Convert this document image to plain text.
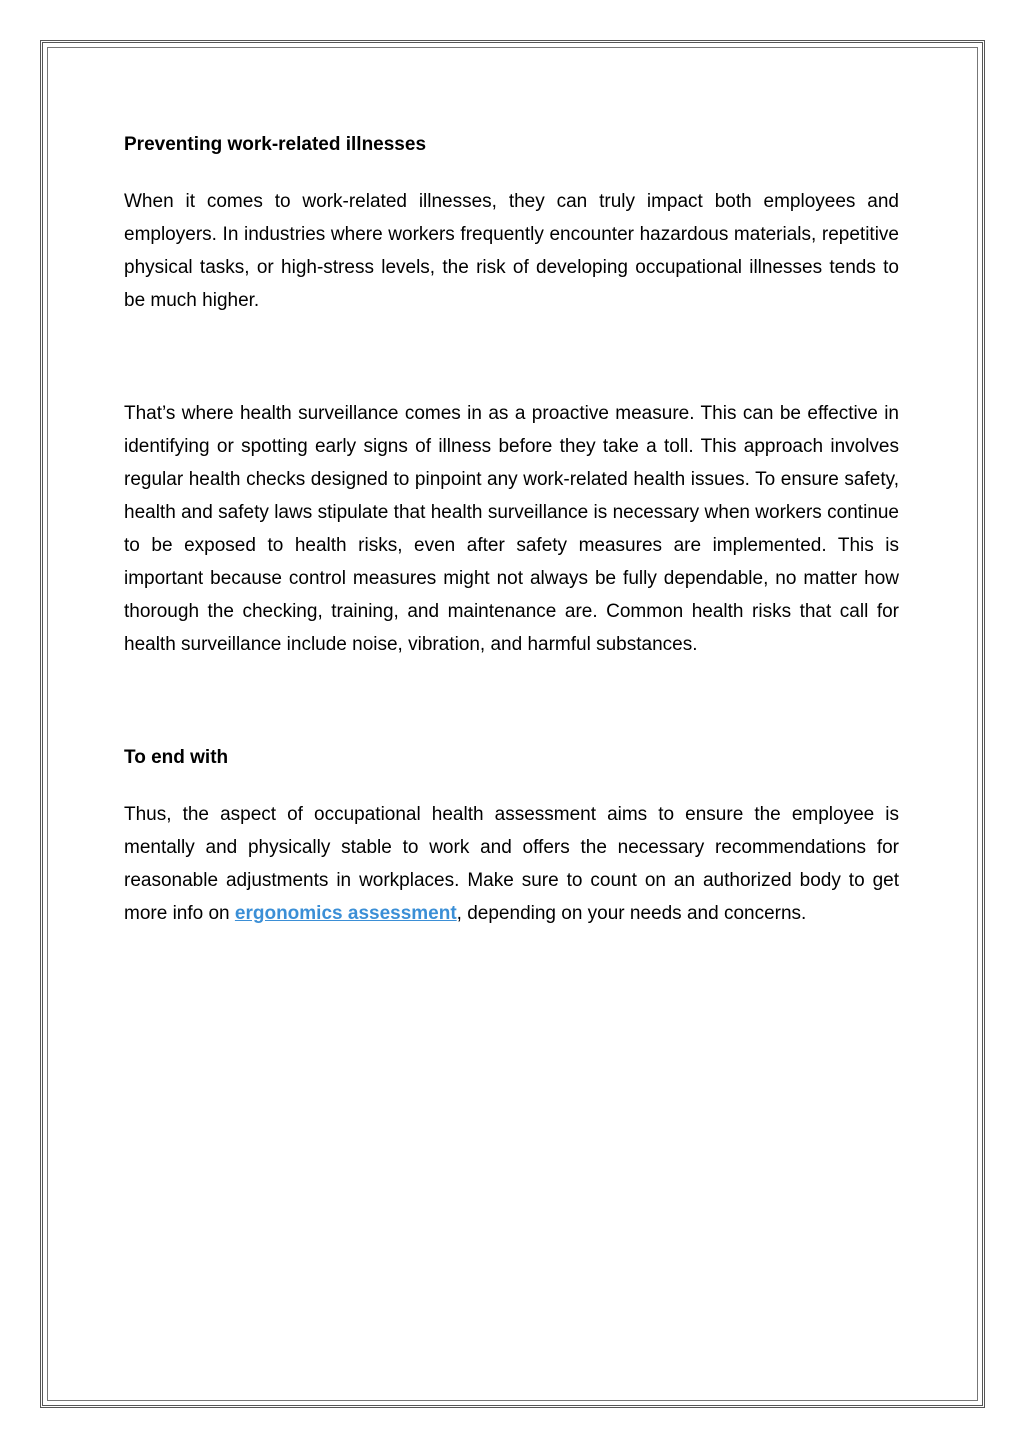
Preventing work-related illnesses

When it comes to work-related illnesses, they can truly impact both employees and employers. In industries where workers frequently encounter hazardous materials, repetitive physical tasks, or high-stress levels, the risk of developing occupational illnesses tends to be much higher.

That’s where health surveillance comes in as a proactive measure. This can be effective in identifying or spotting early signs of illness before they take a toll. This approach involves regular health checks designed to pinpoint any work-related health issues. To ensure safety, health and safety laws stipulate that health surveillance is necessary when workers continue to be exposed to health risks, even after safety measures are implemented. This is important because control measures might not always be fully dependable, no matter how thorough the checking, training, and maintenance are. Common health risks that call for health surveillance include noise, vibration, and harmful substances.

To end with

Thus, the aspect of occupational health assessment aims to ensure the employee is mentally and physically stable to work and offers the necessary recommendations for reasonable adjustments in workplaces. Make sure to count on an authorized body to get more info on ergonomics assessment, depending on your needs and concerns.
